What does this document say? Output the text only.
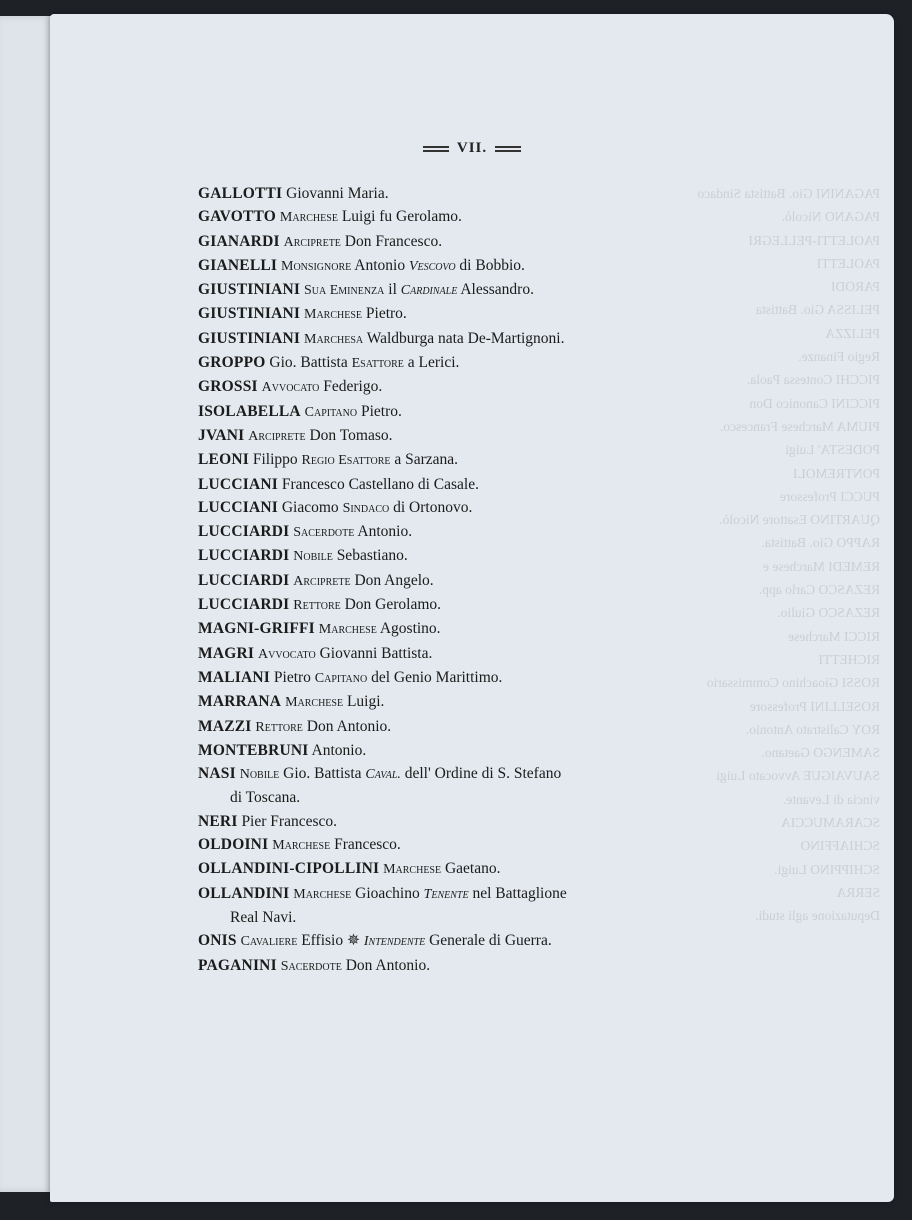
PAGANINI Gio. Battista Sindaco
PAGANO Nicolò.
PAOLETTI-PELLEGRI
PAOLETTI
PARODI
PELISSA Gio. Battista
PELIZZA
Regio Finanze.
PICCHI Contessa Paola.
PICCINI Canonico Don
PIUMA Marchese Francesco.
PODESTA' Luigi
PONTREMOLI
PUCCI Professore
QUARTINO Esattore Nicolò.
RAPPO Gio. Battista.
REMEDI Marchese e
REZASCO Carlo app.
REZASCO Giulio.
RICCI Marchese
RICHETTI
ROSSI Gioachino Commissario
ROSELLINI Professore
ROY Calistrato Antonio.
SAMENGO Gaetano.
SAUVAIGUE Avvocato Luigi
vincia di Levante.
SCARAMUCCIA
SCHIAFFINO
SCHIPPINO Luigi.
SERRA
Deputazione agli studi.
VII.
GALLOTTI Giovanni Maria.
GAVOTTO Marchese Luigi fu Gerolamo.
GIANARDI Arciprete Don Francesco.
GIANELLI Monsignore Antonio Vescovo di Bobbio.
GIUSTINIANI Sua Eminenza il Cardinale Alessandro.
GIUSTINIANI Marchese Pietro.
GIUSTINIANI Marchesa Waldburga nata De-Martignoni.
GROPPO Gio. Battista Esattore a Lerici.
GROSSI Avvocato Federigo.
ISOLABELLA Capitano Pietro.
JVANI Arciprete Don Tomaso.
LEONI Filippo Regio Esattore a Sarzana.
LUCCIANI Francesco Castellano di Casale.
LUCCIANI Giacomo Sindaco di Ortonovo.
LUCCIARDI Sacerdote Antonio.
LUCCIARDI Nobile Sebastiano.
LUCCIARDI Arciprete Don Angelo.
LUCCIARDI Rettore Don Gerolamo.
MAGNI-GRIFFI Marchese Agostino.
MAGRI Avvocato Giovanni Battista.
MALIANI Pietro Capitano del Genio Marittimo.
MARRANA Marchese Luigi.
MAZZI Rettore Don Antonio.
MONTEBRUNI Antonio.
NASI Nobile Gio. Battista Caval. dell' Ordine di S. Stefano
di Toscana.
NERI Pier Francesco.
OLDOINI Marchese Francesco.
OLLANDINI-CIPOLLINI Marchese Gaetano.
OLLANDINI Marchese Gioachino Tenente nel Battaglione
Real Navi.
ONIS Cavaliere Effisio ✵ Intendente Generale di Guerra.
PAGANINI Sacerdote Don Antonio.
